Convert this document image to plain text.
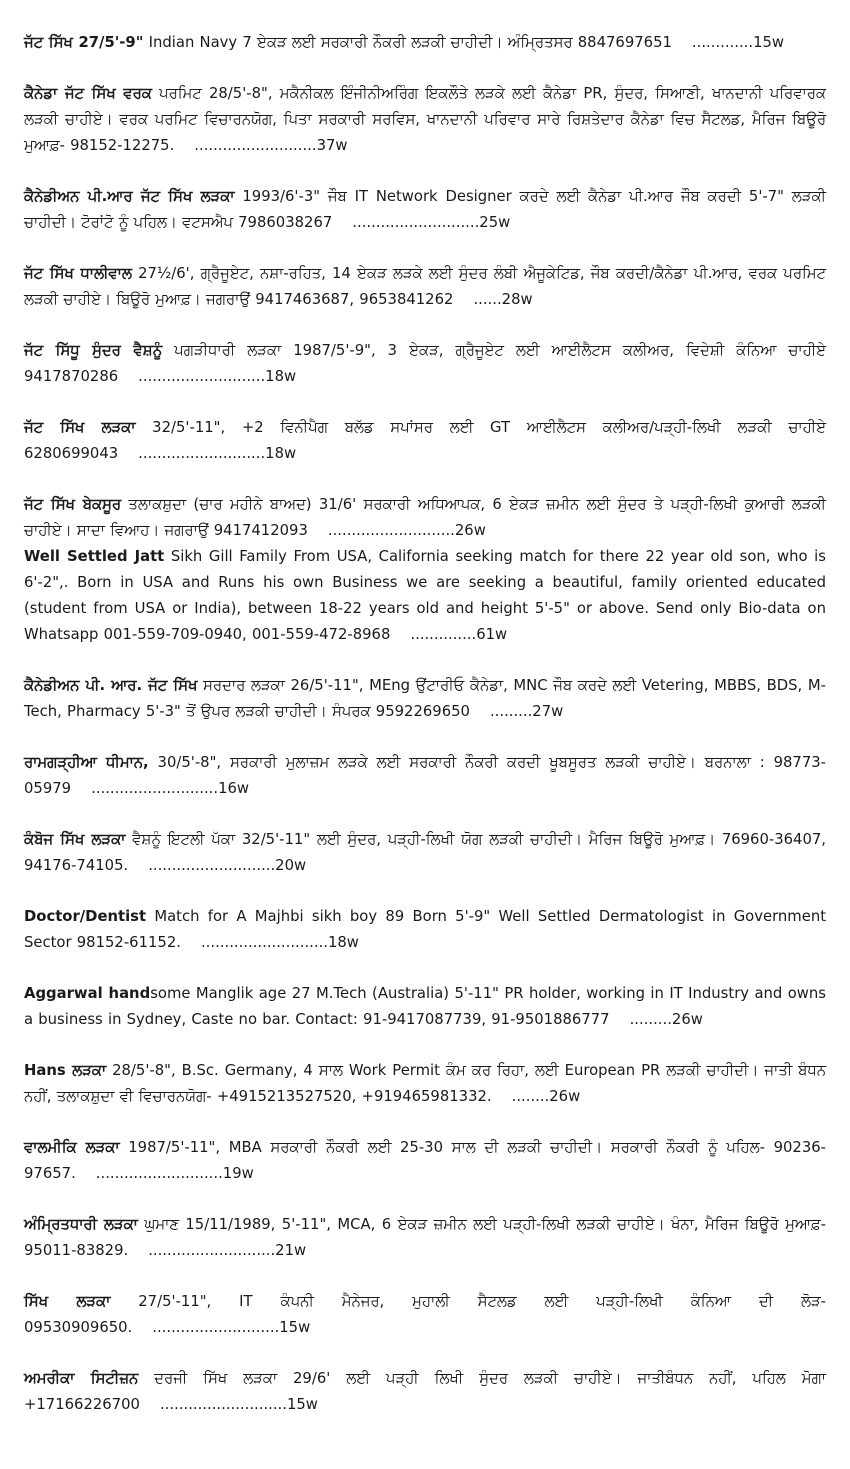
ਜੱਟ ਸਿੱਖ 27/5'-9" Indian Navy 7 ਏਕੜ ਲਈ ਸਰਕਾਰੀ ਨੌਕਰੀ ਲੜਕੀ ਚਾਹੀਦੀ। ਅੰਮ੍ਰਿਤਸਰ 8847697651 .............15w
ਕੈਨੇਡਾ ਜੱਟ ਸਿੱਖ ਵਰਕ ਪਰਮਿਟ 28/5'-8", ਮਕੈਨੀਕਲ ਇੰਜੀਨੀਅਰਿੰਗ ਇਕਲੌਤੇ ਲੜਕੇ ਲਈ ਕੈਨੇਡਾ PR, ਸੁੰਦਰ, ਸਿਆਣੀ, ਖਾਨਦਾਨੀ ਪਰਿਵਾਰਕ ਲੜਕੀ ਚਾਹੀਏ। ਵਰਕ ਪਰਮਿਟ ਵਿਚਾਰਨਯੋਗ, ਪਿਤਾ ਸਰਕਾਰੀ ਸਰਵਿਸ, ਖਾਨਦਾਨੀ ਪਰਿਵਾਰ ਸਾਰੇ ਰਿਸ਼ਤੇਦਾਰ ਕੈਨੇਡਾ ਵਿਚ ਸੈਟਲਡ, ਮੈਰਿਜ ਬਿਊਰੋ ਮੁਆਫ਼- 98152-12275. ..........................37w
ਕੈਨੇਡੀਅਨ ਪੀ.ਆਰ ਜੱਟ ਸਿੱਖ ਲੜਕਾ 1993/6'-3" ਜੌਬ IT Network Designer ਕਰਦੇ ਲਈ ਕੈਨੇਡਾ ਪੀ.ਆਰ ਜੌਬ ਕਰਦੀ 5'-7" ਲੜਕੀ ਚਾਹੀਦੀ। ਟੋਰਾਂਟੋ ਨੂੰ ਪਹਿਲ। ਵਟਸਐਪ 7986038267 ...........................25w
ਜੱਟ ਸਿੱਖ ਧਾਲੀਵਾਲ 27½/6', ਗ੍ਰੈਜੂਏਟ, ਨਸ਼ਾ-ਰਹਿਤ, 14 ਏਕੜ ਲੜਕੇ ਲਈ ਸੁੰਦਰ ਲੰਬੀ ਐਜੂਕੇਟਿਡ, ਜੌਬ ਕਰਦੀ/ਕੈਨੇਡਾ ਪੀ.ਆਰ, ਵਰਕ ਪਰਮਿਟ ਲੜਕੀ ਚਾਹੀਏ। ਬਿਊਰੋ ਮੁਆਫ਼। ਜਗਰਾਉਂ 9417463687, 9653841262 ......28w
ਜੱਟ ਸਿੱਧੂ ਸੁੰਦਰ ਵੈਸ਼ਨੂੰ ਪਗੜੀਧਾਰੀ ਲੜਕਾ 1987/5'-9", 3 ਏਕੜ, ਗ੍ਰੈਜੂਏਟ ਲਈ ਆਈਲੈਟਸ ਕਲੀਅਰ, ਵਿਦੇਸ਼ੀ ਕੰਨਿਆ ਚਾਹੀਏ 9417870286 ...........................18w
ਜੱਟ ਸਿੱਖ ਲੜਕਾ 32/5'-11", +2 ਵਿਨੀਪੈਗ ਬਲੱਡ ਸਪਾਂਸਰ ਲਈ GT ਆਈਲੈਟਸ ਕਲੀਅਰ/ਪੜ੍ਹੀ-ਲਿਖੀ ਲੜਕੀ ਚਾਹੀਏ 6280699043 ...........................18w
ਜੱਟ ਸਿੱਖ ਬੇਕਸੂਰ ਤਲਾਕਸ਼ੁਦਾ (ਚਾਰ ਮਹੀਨੇ ਬਾਅਦ) 31/6' ਸਰਕਾਰੀ ਅਧਿਆਪਕ, 6 ਏਕੜ ਜ਼ਮੀਨ ਲਈ ਸੁੰਦਰ ਤੇ ਪੜ੍ਹੀ-ਲਿਖੀ ਕੁਆਰੀ ਲੜਕੀ ਚਾਹੀਏ। ਸਾਦਾ ਵਿਆਹ। ਜਗਰਾਉਂ 9417412093 ...........................26w
Well Settled Jatt Sikh Gill Family From USA, California seeking match for there 22 year old son, who is 6'-2",. Born in USA and Runs his own Business we are seeking a beautiful, family oriented educated (student from USA or India), between 18-22 years old and height 5'-5" or above. Send only Bio-data on Whatsapp 001-559-709-0940, 001-559-472-8968 ..............61w
ਕੈਨੇਡੀਅਨ ਪੀ. ਆਰ. ਜੱਟ ਸਿੱਖ ਸਰਦਾਰ ਲੜਕਾ 26/5'-11", MEng ਉਂਟਾਰੀਓ ਕੈਨੇਡਾ, MNC ਜੌਬ ਕਰਦੇ ਲਈ Vetering, MBBS, BDS, M-Tech, Pharmacy 5'-3" ਤੋਂ ਉਪਰ ਲੜਕੀ ਚਾਹੀਦੀ। ਸੰਪਰਕ 9592269650 .........27w
ਰਾਮਗੜ੍ਹੀਆ ਧੀਮਾਨ, 30/5'-8", ਸਰਕਾਰੀ ਮੁਲਾਜ਼ਮ ਲੜਕੇ ਲਈ ਸਰਕਾਰੀ ਨੌਕਰੀ ਕਰਦੀ ਖੂਬਸੂਰਤ ਲੜਕੀ ਚਾਹੀਏ। ਬਰਨਾਲਾ : 98773-05979 ...........................16w
ਕੰਬੋਜ ਸਿੱਖ ਲੜਕਾ ਵੈਸ਼ਨੂੰ ਇਟਲੀ ਪੱਕਾ 32/5'-11" ਲਈ ਸੁੰਦਰ, ਪੜ੍ਹੀ-ਲਿਖੀ ਯੋਗ ਲੜਕੀ ਚਾਹੀਦੀ। ਮੈਰਿਜ ਬਿਊਰੋ ਮੁਆਫ਼। 76960-36407, 94176-74105. ...........................20w
Doctor/Dentist Match for A Majhbi sikh boy 89 Born 5'-9" Well Settled Dermatologist in Government Sector 98152-61152. ...........................18w
Aggarwal handsome Manglik age 27 M.Tech (Australia) 5'-11" PR holder, working in IT Industry and owns a business in Sydney, Caste no bar. Contact: 91-9417087739, 91-9501886777 .........26w
Hans ਲੜਕਾ 28/5'-8", B.Sc. Germany, 4 ਸਾਲ Work Permit ਕੰਮ ਕਰ ਰਿਹਾ, ਲਈ European PR ਲੜਕੀ ਚਾਹੀਦੀ। ਜਾਤੀ ਬੰਧਨ ਨਹੀਂ, ਤਲਾਕਸ਼ੁਦਾ ਵੀ ਵਿਚਾਰਨਯੋਗ- +4915213527520, +919465981332. ........26w
ਵਾਲਮੀਕਿ ਲੜਕਾ 1987/5'-11", MBA ਸਰਕਾਰੀ ਨੌਕਰੀ ਲਈ 25-30 ਸਾਲ ਦੀ ਲੜਕੀ ਚਾਹੀਦੀ। ਸਰਕਾਰੀ ਨੌਕਰੀ ਨੂੰ ਪਹਿਲ- 90236-97657. ...........................19w
ਅੰਮ੍ਰਿਤਧਾਰੀ ਲੜਕਾ ਘੁਮਾਣ 15/11/1989, 5'-11", MCA, 6 ਏਕੜ ਜ਼ਮੀਨ ਲਈ ਪੜ੍ਹੀ-ਲਿਖੀ ਲੜਕੀ ਚਾਹੀਏ। ਖੰਨਾ, ਮੈਰਿਜ ਬਿਊਰੋ ਮੁਆਫ਼- 95011-83829. ...........................21w
ਸਿੱਖ ਲੜਕਾ 27/5'-11", IT ਕੰਪਨੀ ਮੈਨੇਜਰ, ਮੁਹਾਲੀ ਸੈਟਲਡ ਲਈ ਪੜ੍ਹੀ-ਲਿਖੀ ਕੰਨਿਆ ਦੀ ਲੋੜ- 09530909650. ...........................15w
ਅਮਰੀਕਾ ਸਿਟੀਜ਼ਨ ਦਰਜੀ ਸਿੱਖ ਲੜਕਾ 29/6' ਲਈ ਪੜ੍ਹੀ ਲਿਖੀ ਸੁੰਦਰ ਲੜਕੀ ਚਾਹੀਏ। ਜਾਤੀਬੰਧਨ ਨਹੀਂ, ਪਹਿਲ ਮੋਗਾ +17166226700 ...........................15w
